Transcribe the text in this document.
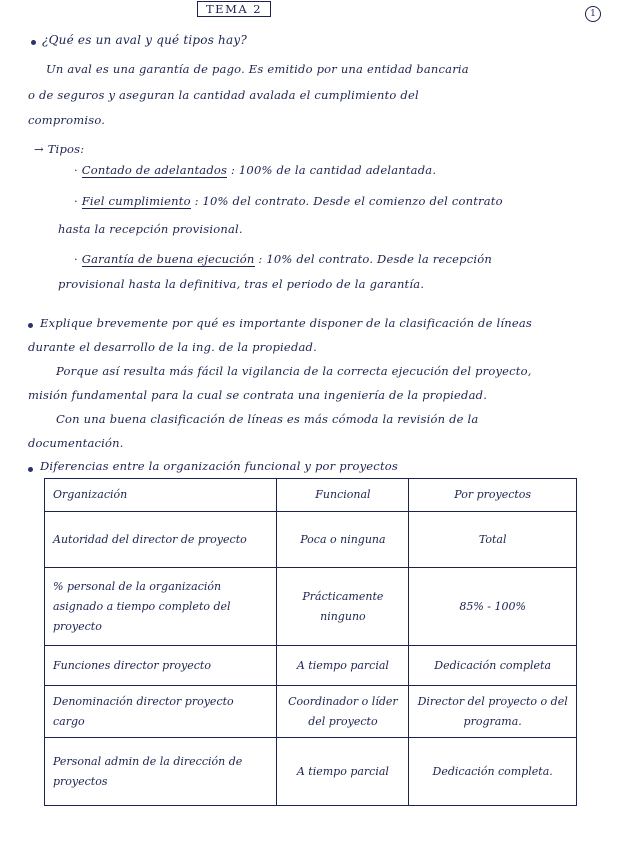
TEMA 2	1
¿Qué es un aval y qué tipos hay?
Un aval es una garantía de pago. Es emitido por una entidad bancaria
o de seguros y aseguran la cantidad avalada el cumplimiento del
compromiso.
→ Tipos:
· Contado de adelantados : 100% de la cantidad adelantada.
· Fiel cumplimiento : 10% del contrato. Desde el comienzo del contrato
hasta la recepción provisional.
· Garantía de buena ejecución : 10% del contrato. Desde la recepción
provisional hasta la definitiva, tras el periodo de la garantía.
Explique brevemente por qué es importante disponer de la clasificación de líneas
durante el desarrollo de la ing. de la propiedad.
Porque así resulta más fácil la vigilancia de la correcta ejecución del proyecto,
misión fundamental para la cual se contrata una ingeniería de la propiedad.
Con una buena clasificación de líneas es más cómoda la revisión de la
documentación.
Diferencias entre la organización funcional y por proyectos
Organización	Funcional	Por proyectos
Autoridad del director de proyecto	Poca o ninguna	Total
% personal de la organización asignado a tiempo completo del proyecto	Prácticamente ninguno	85% - 100%
Funciones director proyecto	A tiempo parcial	Dedicación completa
Denominación director proyecto cargo	Coordinador o líder del proyecto	Director del proyecto o del programa.
Personal admin de la dirección de proyectos	A tiempo parcial	Dedicación completa.
